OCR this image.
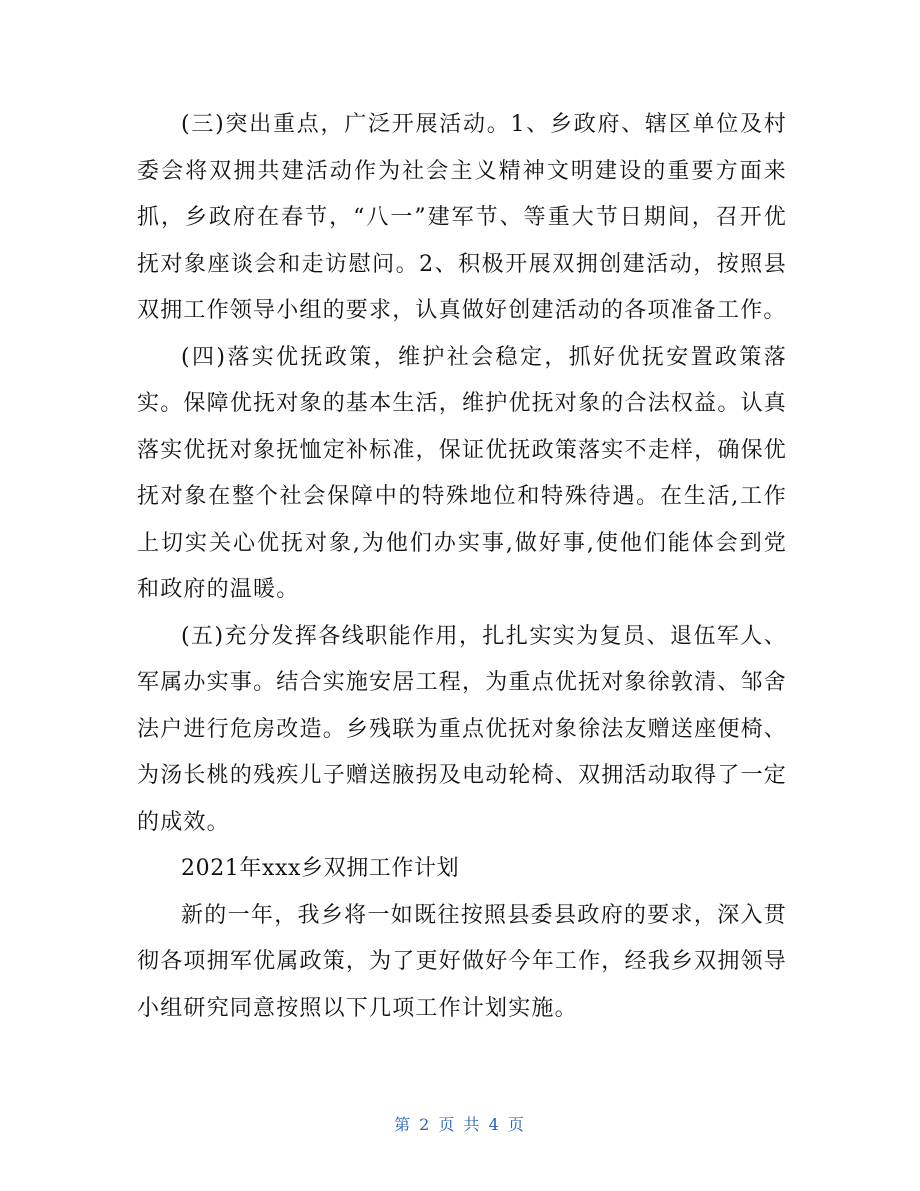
(三)突出重点，广泛开展活动。1、乡政府、辖区单位及村委会将双拥共建活动作为社会主义精神文明建设的重要方面来抓，乡政府在春节，“八一”建军节、等重大节日期间，召开优抚对象座谈会和走访慰问。2、积极开展双拥创建活动，按照县双拥工作领导小组的要求，认真做好创建活动的各项准备工作。

(四)落实优抚政策，维护社会稳定，抓好优抚安置政策落实。保障优抚对象的基本生活，维护优抚对象的合法权益。认真落实优抚对象抚恤定补标准，保证优抚政策落实不走样，确保优抚对象在整个社会保障中的特殊地位和特殊待遇。在生活,工作上切实关心优抚对象,为他们办实事,做好事,使他们能体会到党和政府的温暖。

(五)充分发挥各线职能作用，扎扎实实为复员、退伍军人、军属办实事。结合实施安居工程，为重点优抚对象徐敦清、邹舍法户进行危房改造。乡残联为重点优抚对象徐法友赠送座便椅、为汤长桃的残疾儿子赠送腋拐及电动轮椅、双拥活动取得了一定的成效。

2021年xxx乡双拥工作计划

新的一年，我乡将一如既往按照县委县政府的要求，深入贯彻各项拥军优属政策，为了更好做好今年工作，经我乡双拥领导小组研究同意按照以下几项工作计划实施。

第 2 页 共 4 页
